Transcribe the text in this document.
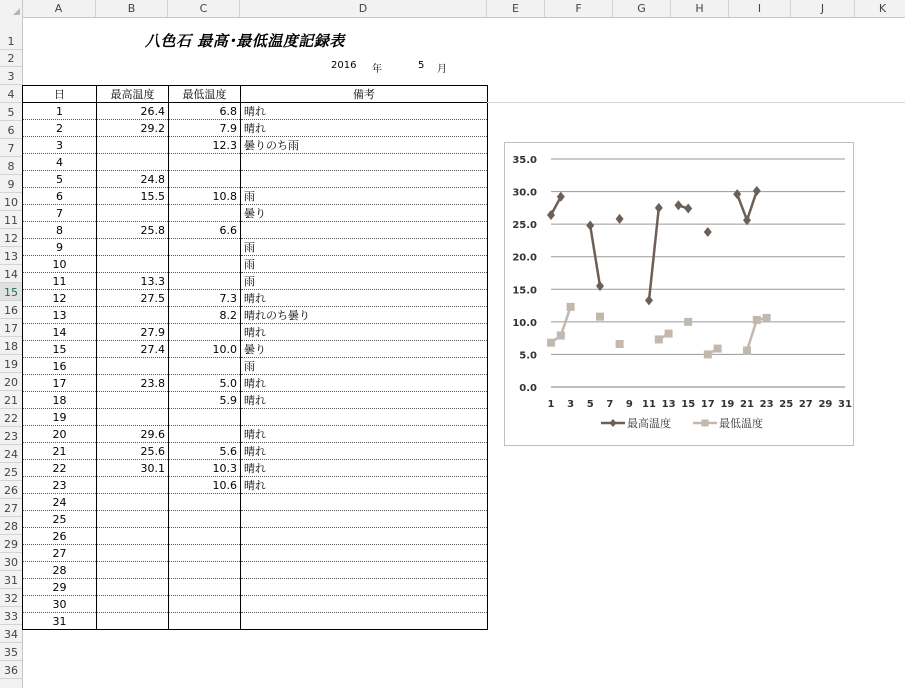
A	B	C	D	E	F	G	H	I	J	K
1
2
3
4
5
6
7
8
9
10
11
12
13
14
15
16
17
18
19
20
21
22
23
24
25
26
27
28
29
30
31
32
33
34
35
36
八色石 最高･最低温度記録表
2016 年	5 月
日	最高温度	最低温度	備考
1	26.4	6.8	晴れ
2	29.2	7.9	晴れ
3		12.3	曇りのち雨
4			
5	24.8		
6	15.5	10.8	雨
7			曇り
8	25.8	6.6	
9			雨
10			雨
11	13.3		雨
12	27.5	7.3	晴れ
13		8.2	晴れのち曇り
14	27.9		晴れ
15	27.4	10.0	曇り
16			雨
17	23.8	5.0	晴れ
18		5.9	晴れ
19			
20	29.6		晴れ
21	25.6	5.6	晴れ
22	30.1	10.3	晴れ
23		10.6	晴れ
24			
25			
26			
27			
28			
29			
30			
31			
0.0
5.0
10.0
15.0
20.0
25.0
30.0
35.0
1 3 5 7 9 11 13 15 17 19 21 23 25 27 29 31
最高温度	最低温度
